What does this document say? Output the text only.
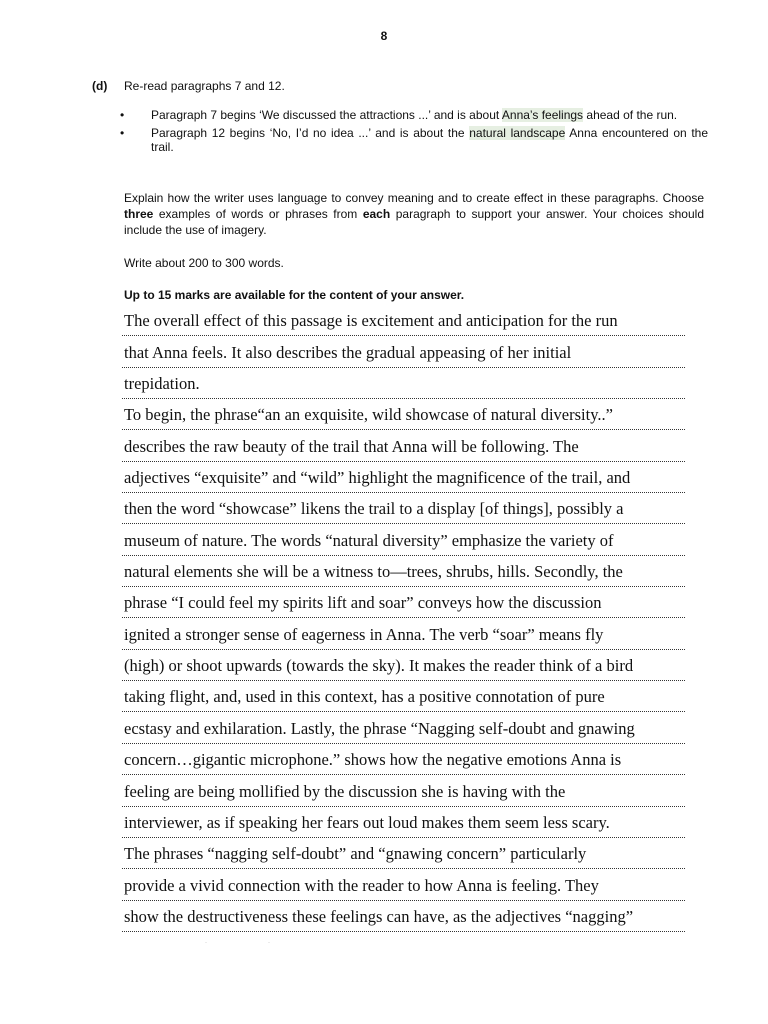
8
(d) Re-read paragraphs 7 and 12.
• Paragraph 7 begins ‘We discussed the attractions ...’ and is about Anna’s feelings ahead of the run.
• Paragraph 12 begins ‘No, I’d no idea ...’ and is about the natural landscape Anna encountered on the trail.

Explain how the writer uses language to convey meaning and to create effect in these paragraphs. Choose three examples of words or phrases from each paragraph to support your answer. Your choices should include the use of imagery.

Write about 200 to 300 words.

Up to 15 marks are available for the content of your answer.

The overall effect of this passage is excitement and anticipation for the run
that Anna feels. It also describes the gradual appeasing of her initial
trepidation.
To begin, the phrase“an an exquisite, wild showcase of natural diversity..”
describes the raw beauty of the trail that Anna will be following. The
adjectives “exquisite” and “wild” highlight the magnificence of the trail, and
then the word “showcase” likens the trail to a display [of things], possibly a
museum of nature. The words “natural diversity” emphasize the variety of
natural elements she will be a witness to—trees, shrubs, hills. Secondly, the
phrase “I could feel my spirits lift and soar” conveys how the discussion
ignited a stronger sense of eagerness in Anna. The verb “soar” means fly
(high) or shoot upwards (towards the sky). It makes the reader think of a bird
taking flight, and, used in this context, has a positive connotation of pure
ecstasy and exhilaration. Lastly, the phrase “Nagging self-doubt and gnawing
concern…gigantic microphone.” shows how the negative emotions Anna is
feeling are being mollified by the discussion she is having with the
interviewer, as if speaking her fears out loud makes them seem less scary.
The phrases “nagging self-doubt” and “gnawing concern” particularly
provide a vivid connection with the reader to how Anna is feeling. They
show the destructiveness these feelings can have, as the adjectives “nagging”
·	·
